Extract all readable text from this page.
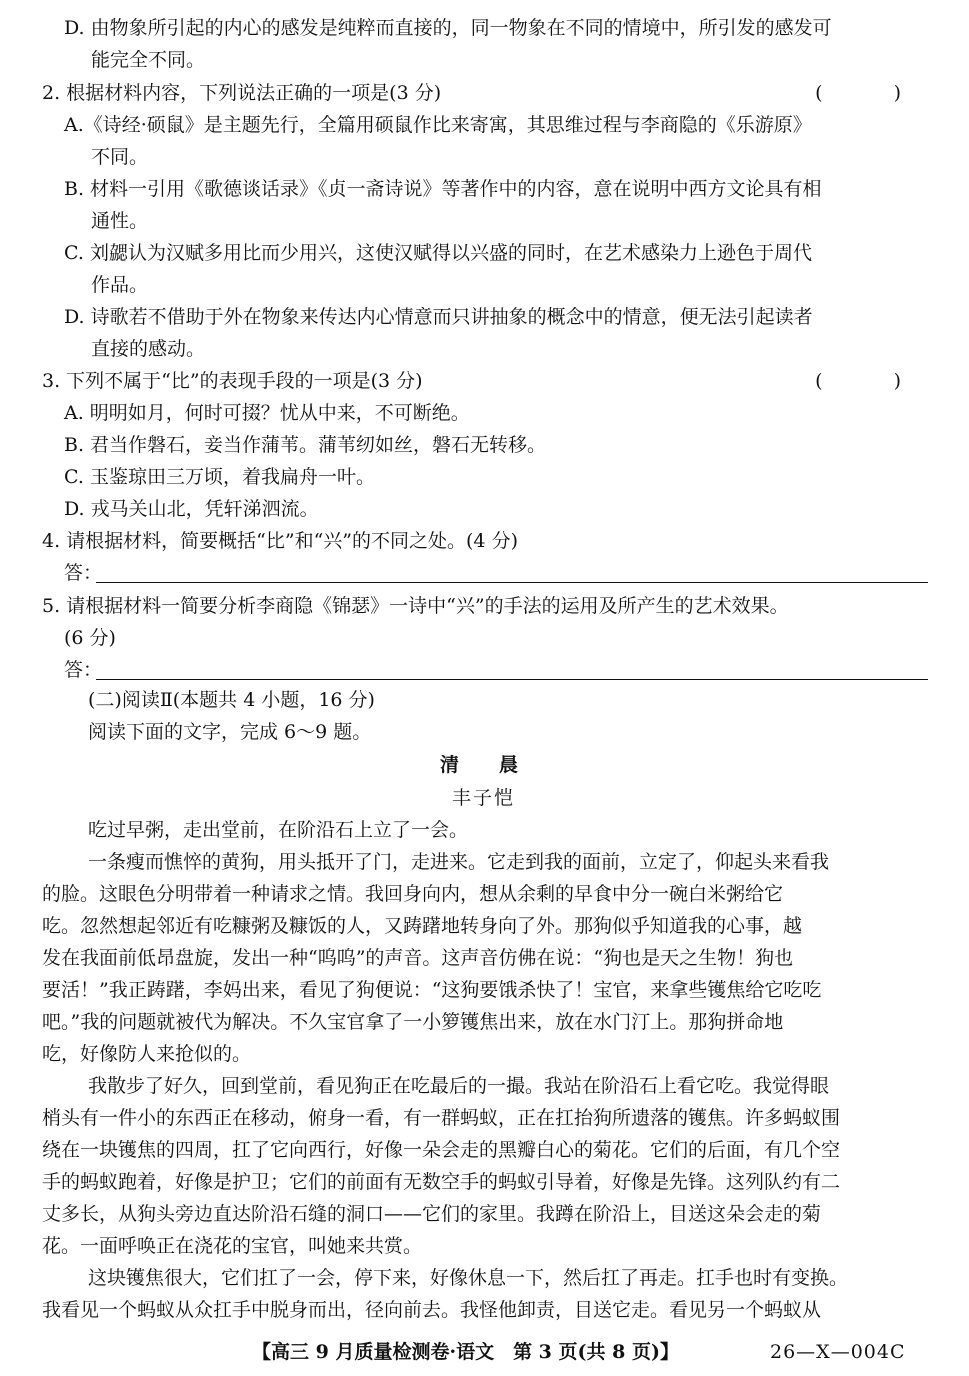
D. 由物象所引起的内心的感发是纯粹而直接的，同一物象在不同的情境中，所引发的感发可
能完全不同。
2. 根据材料内容，下列说法正确的一项是(3 分)	(　)
A.《诗经·硕鼠》是主题先行，全篇用硕鼠作比来寄寓，其思维过程与李商隐的《乐游原》
不同。
B. 材料一引用《歌德谈话录》《贞一斋诗说》等著作中的内容，意在说明中西方文论具有相
通性。
C. 刘勰认为汉赋多用比而少用兴，这使汉赋得以兴盛的同时，在艺术感染力上逊色于周代
作品。
D. 诗歌若不借助于外在物象来传达内心情意而只讲抽象的概念中的情意，便无法引起读者
直接的感动。
3. 下列不属于“比”的表现手段的一项是(3 分)	(　)
A. 明明如月，何时可掇？忧从中来，不可断绝。
B. 君当作磐石，妾当作蒲苇。蒲苇纫如丝，磐石无转移。
C. 玉鉴琼田三万顷，着我扁舟一叶。
D. 戎马关山北，凭轩涕泗流。
4. 请根据材料，简要概括“比”和“兴”的不同之处。(4 分)
答：
5. 请根据材料一简要分析李商隐《锦瑟》一诗中“兴”的手法的运用及所产生的艺术效果。
(6 分)
答：
(二)阅读Ⅱ(本题共 4 小题，16 分)
阅读下面的文字，完成 6～9 题。
清晨
丰子恺
吃过早粥，走出堂前，在阶沿石上立了一会。
一条瘦而憔悴的黄狗，用头抵开了门，走进来。它走到我的面前，立定了，仰起头来看我
的脸。这眼色分明带着一种请求之情。我回身向内，想从余剩的早食中分一碗白米粥给它
吃。忽然想起邻近有吃糠粥及糠饭的人，又踌躇地转身向了外。那狗似乎知道我的心事，越
发在我面前低昂盘旋，发出一种“呜呜”的声音。这声音仿佛在说：“狗也是天之生物！狗也
要活！”我正踌躇，李妈出来，看见了狗便说：“这狗要饿杀快了！宝官，来拿些镬焦给它吃吃
吧。”我的问题就被代为解决。不久宝官拿了一小箩镬焦出来，放在水门汀上。那狗拼命地
吃，好像防人来抢似的。
我散步了好久，回到堂前，看见狗正在吃最后的一撮。我站在阶沿石上看它吃。我觉得眼
梢头有一件小的东西正在移动，俯身一看，有一群蚂蚁，正在扛抬狗所遗落的镬焦。许多蚂蚁围
绕在一块镬焦的四周，扛了它向西行，好像一朵会走的黑瓣白心的菊花。它们的后面，有几个空
手的蚂蚁跑着，好像是护卫；它们的前面有无数空手的蚂蚁引导着，好像是先锋。这列队约有二
丈多长，从狗头旁边直达阶沿石缝的洞口——它们的家里。我蹲在阶沿上，目送这朵会走的菊
花。一面呼唤正在浇花的宝官，叫她来共赏。
这块镬焦很大，它们扛了一会，停下来，好像休息一下，然后扛了再走。扛手也时有变换。
我看见一个蚂蚁从众扛手中脱身而出，径向前去。我怪他卸责，目送它走。看见另一个蚂蚁从
【高三 9 月质量检测卷·语文　第 3 页(共 8 页)】	26—X—004C
